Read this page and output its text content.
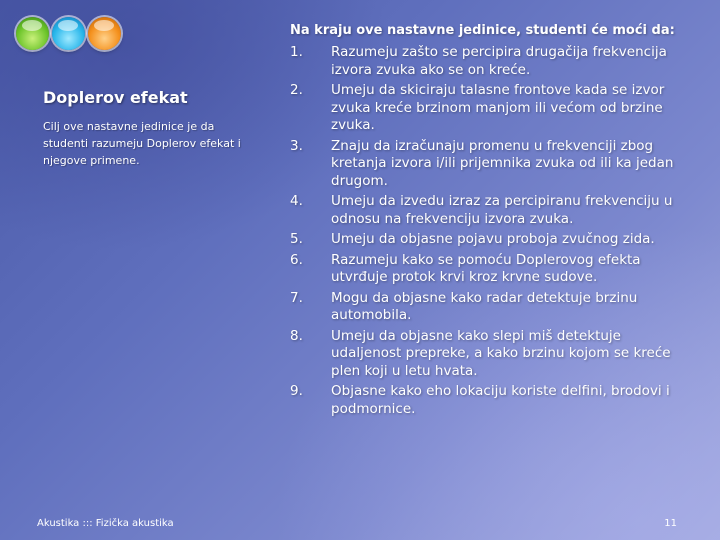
Doplerov efekat
Cilj ove nastavne jedinice je da studenti razumeju Doplerov efekat i njegove primene.
Na kraju ove nastavne jedinice, studenti će moći da:
1.	Razumeju zašto se percipira drugačija frekvencija izvora zvuka ako se on kreće.
2.	Umeju da skiciraju talasne frontove kada se izvor zvuka kreće brzinom manjom ili većom od brzine zvuka.
3.	Znaju da izračunaju promenu u frekvenciji zbog kretanja izvora i/ili prijemnika zvuka od ili ka jedan drugom.
4.	Umeju da izvedu izraz za percipiranu frekvenciju u odnosu na frekvenciju izvora zvuka.
5.	Umeju da objasne pojavu proboja zvučnog zida.
6.	Razumeju kako se pomoću Doplerovog efekta utvrđuje protok krvi kroz krvne sudove.
7.	Mogu da objasne kako radar detektuje brzinu automobila.
8.	Umeju da objasne kako slepi miš detektuje udaljenost prepreke, a kako brzinu kojom se kreće plen koji u letu hvata.
9.	Objasne kako eho lokaciju koriste delfini, brodovi i podmornice.
Akustika ::: Fizička akustika	11
